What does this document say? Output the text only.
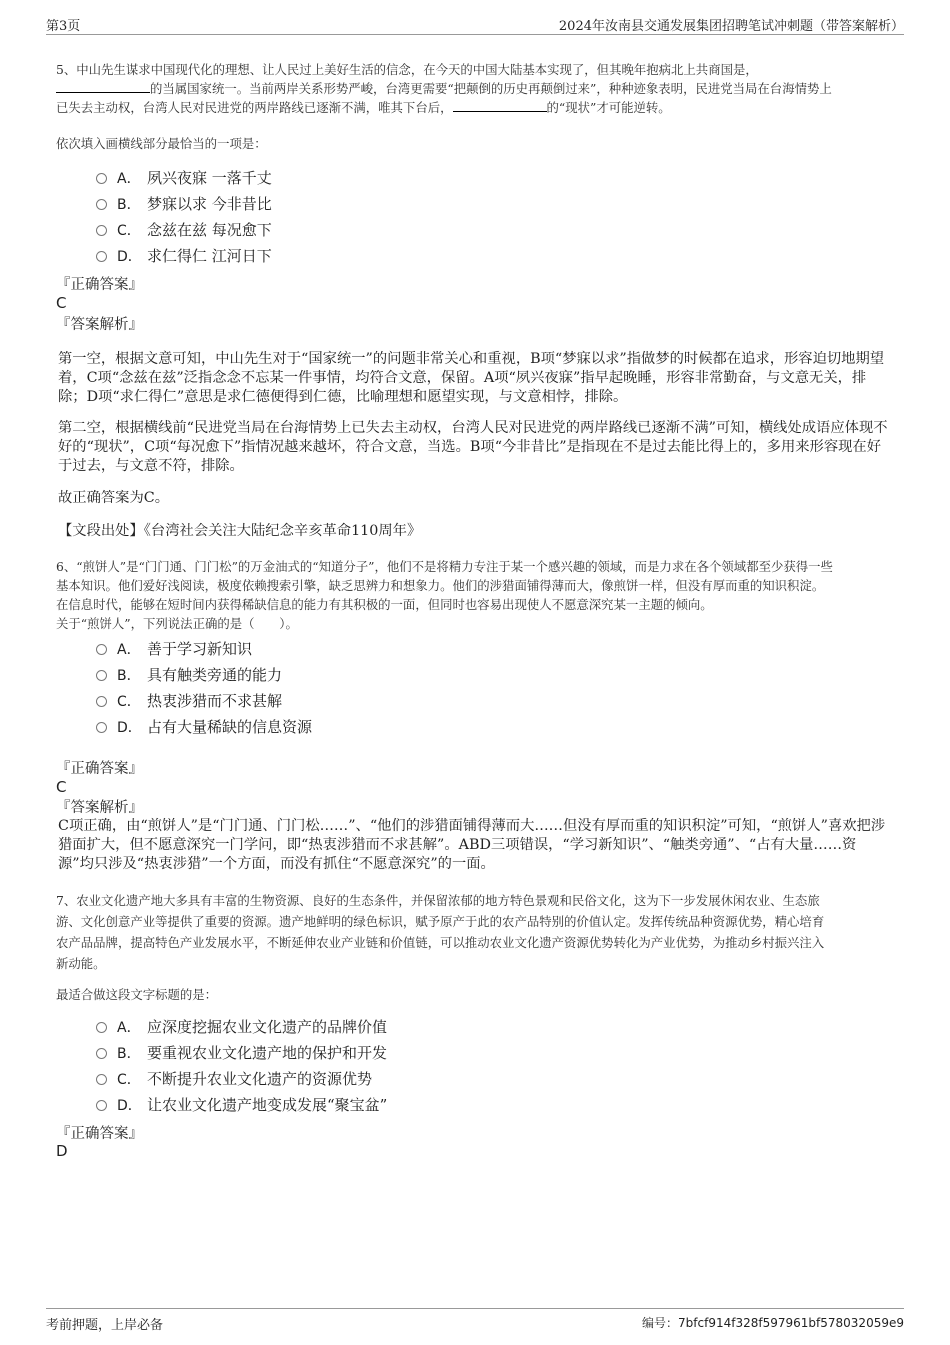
第3页	2024年汝南县交通发展集团招聘笔试冲刺题（带答案解析）
5、中山先生谋求中国现代化的理想、让人民过上美好生活的信念，在今天的中国大陆基本实现了，但其晚年抱病北上共商国是，
的当属国家统一。当前两岸关系形势严峻，台湾更需要“把颠倒的历史再颠倒过来”，种种迹象表明，民进党当局在台海情势上
已失去主动权，台湾人民对民进党的两岸路线已逐渐不满，唯其下台后，	的“现状”才可能逆转。
依次填入画横线部分最恰当的一项是：
A． 夙兴夜寐 一落千丈
B． 梦寐以求 今非昔比
C． 念兹在兹 每况愈下
D． 求仁得仁 江河日下
『正确答案』
C
『答案解析』
第一空，根据文意可知，中山先生对于“国家统一”的问题非常关心和重视，B项“梦寐以求”指做梦的时候都在追求，形容迫切地期望着，C项“念兹在兹”泛指念念不忘某一件事情，均符合文意，保留。A项“夙兴夜寐”指早起晚睡，形容非常勤奋，与文意无关，排除；D项“求仁得仁”意思是求仁德便得到仁德，比喻理想和愿望实现，与文意相悖，排除。
第二空，根据横线前“民进党当局在台海情势上已失去主动权，台湾人民对民进党的两岸路线已逐渐不满”可知，横线处成语应体现不好的“现状”，C项“每况愈下”指情况越来越坏，符合文意，当选。B项“今非昔比”是指现在不是过去能比得上的，多用来形容现在好于过去，与文意不符，排除。
故正确答案为C。
【文段出处】《台湾社会关注大陆纪念辛亥革命110周年》
6、“煎饼人”是“门门通、门门松”的万金油式的“知道分子”，他们不是将精力专注于某一个感兴趣的领域，而是力求在各个领域都至少获得一些
基本知识。他们爱好浅阅读，极度依赖搜索引擎，缺乏思辨力和想象力。他们的涉猎面铺得薄而大，像煎饼一样，但没有厚而重的知识积淀。
在信息时代，能够在短时间内获得稀缺信息的能力有其积极的一面，但同时也容易出现使人不愿意深究某一主题的倾向。
关于“煎饼人”，下列说法正确的是（　　）。
A． 善于学习新知识
B． 具有触类旁通的能力
C． 热衷涉猎而不求甚解
D． 占有大量稀缺的信息资源
『正确答案』
C
『答案解析』
C项正确，由“煎饼人”是“门门通、门门松……”、“他们的涉猎面铺得薄而大……但没有厚而重的知识积淀”可知，“煎饼人”喜欢把涉猎面扩大，但不愿意深究一门学问，即“热衷涉猎而不求甚解”。ABD三项错误，“学习新知识”、“触类旁通”、“占有大量……资源”均只涉及“热衷涉猎”一个方面，而没有抓住“不愿意深究”的一面。
7、农业文化遗产地大多具有丰富的生物资源、良好的生态条件，并保留浓郁的地方特色景观和民俗文化，这为下一步发展休闲农业、生态旅
游、文化创意产业等提供了重要的资源。遗产地鲜明的绿色标识，赋予原产于此的农产品特别的价值认定。发挥传统品种资源优势，精心培育
农产品品牌，提高特色产业发展水平，不断延伸农业产业链和价值链，可以推动农业文化遗产资源优势转化为产业优势，为推动乡村振兴注入
新动能。
最适合做这段文字标题的是：
A． 应深度挖掘农业文化遗产的品牌价值
B． 要重视农业文化遗产地的保护和开发
C． 不断提升农业文化遗产的资源优势
D． 让农业文化遗产地变成发展“聚宝盆”
『正确答案』
D
考前押题，上岸必备	编号：7bfcf914f328f597961bf578032059e9
